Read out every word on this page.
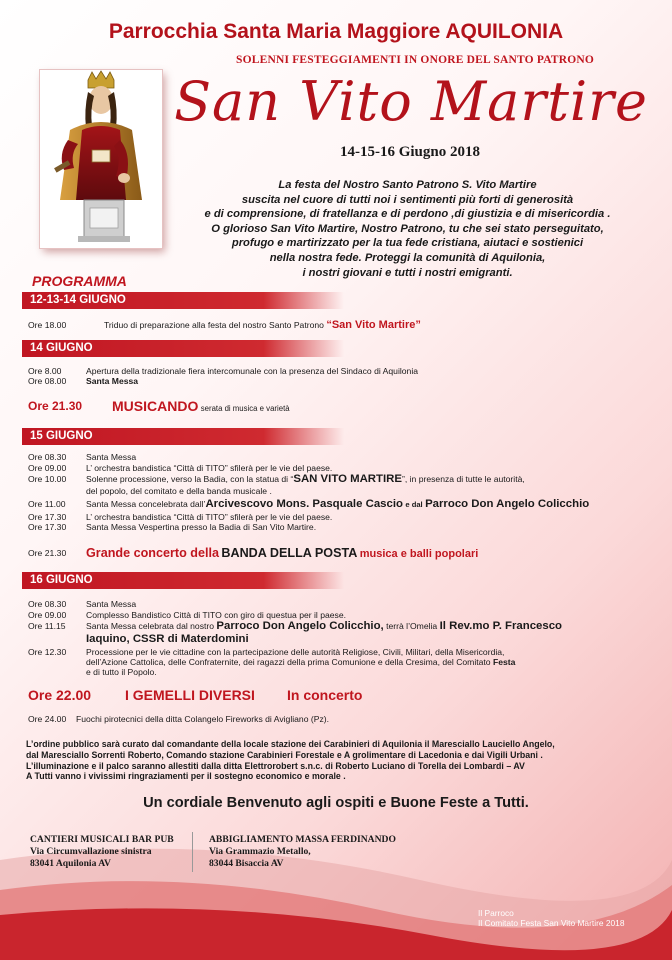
Parrocchia Santa Maria Maggiore AQUILONIA
SOLENNI FESTEGGIAMENTI IN ONORE DEL SANTO PATRONO
San Vito Martire
14-15-16 Giugno 2018
La festa del Nostro Santo Patrono S. Vito Martire
suscita nel cuore di tutti noi i sentimenti più forti di generosità
e di comprensione, di fratellanza e di perdono ,di giustizia e di misericordia .
O glorioso San Vito Martire, Nostro Patrono, tu che sei stato perseguitato,
profugo e martirizzato per la tua fede cristiana, aiutaci e sostienici
nella nostra fede. Proteggi la comunità di Aquilonia,
i nostri giovani e tutti i nostri emigranti.
PROGRAMMA
12-13-14 GIUGNO
Ore 18.00	Triduo di preparazione alla festa del nostro Santo Patrono “San Vito Martire”
14 GIUGNO
Ore 8.00	Apertura della tradizionale fiera intercomunale con la presenza del Sindaco di Aquilonia
Ore 08.00 Santa Messa
Ore 21.30 MUSICANDO serata di musica e varietà
15 GIUGNO
Ore 08.30 Santa Messa
Ore 09.00 L’ orchestra bandistica “Città di TITO” sfilerà per le vie del paese.
Ore 10.00 Solenne processione, verso la Badia, con la statua di “SAN VITO MARTIRE”, in presenza di tutte le autorità,
del popolo, del comitato e della banda musicale .
Ore 11.00 Santa Messa concelebrata dall’Arcivescovo Mons. Pasquale Cascio e dal Parroco Don Angelo Colicchio
Ore 17.30 L’ orchestra bandistica “Città di TITO” sfilerà per le vie del paese.
Ore 17.30 Santa Messa Vespertina presso la Badia di San Vito Martire.
Ore 21.30 Grande concerto della BANDA DELLA POSTA musica e balli popolari
16 GIUGNO
Ore 08.30 Santa Messa
Ore 09.00 Complesso Bandistico Città di TITO con giro di questua per il paese.
Ore 11.15 Santa Messa celebrata dal nostro Parroco Don Angelo Colicchio, terrà l’Omelia Il Rev.mo P. Francesco
Iaquino, CSSR di Materdomini
Ore 12.30 Processione per le vie cittadine con la partecipazione delle autorità Religiose, Civili, Militari, della Misericordia,
dell’Azione Cattolica, delle Confraternite, dei ragazzi della prima Comunione e della Cresima, del Comitato Festa
e di tutto il Popolo.
Ore 22.00 I GEMELLI DIVERSI In concerto
Ore 24.00 Fuochi pirotecnici della ditta Colangelo Fireworks di Avigliano (Pz).
L’ordine pubblico sarà curato dal comandante della locale stazione dei Carabinieri di Aquilonia il Maresciallo Lauciello Angelo,
dal Maresciallo Sorrenti Roberto, Comando stazione Carabinieri Forestale e A grolimentare di Lacedonia e dai Vigili Urbani .
L’illuminazione e il palco saranno allestiti dalla ditta Elettrorobert s.n.c. di Roberto Luciano di Torella dei Lombardi – AV
A Tutti vanno i vivissimi ringraziamenti per il sostegno economico e morale .
Un cordiale Benvenuto agli ospiti e Buone Feste a Tutti.
CANTIERI MUSICALI BAR PUB
Via Circumvallazione sinistra
83041 Aquilonia AV
ABBIGLIAMENTO MASSA FERDINANDO
Via Grammazio Metallo,
83044 Bisaccia AV
Il Parroco
Il Comitato Festa San Vito Martire 2018
